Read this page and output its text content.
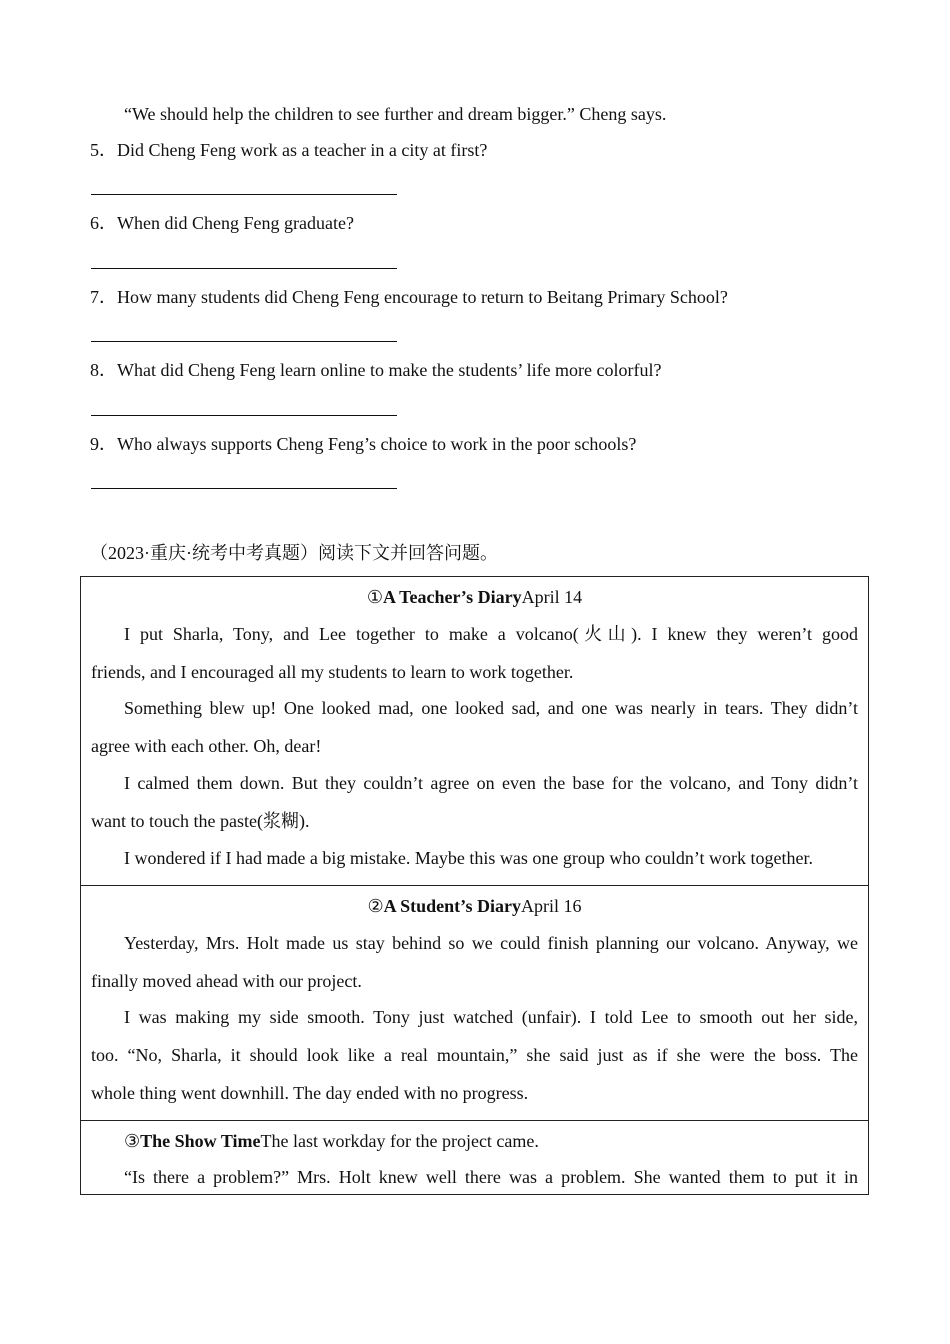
“We should help the children to see further and dream bigger.” Cheng says.
5．Did Cheng Feng work as a teacher in a city at first?
6．When did Cheng Feng graduate?
7．How many students did Cheng Feng encourage to return to Beitang Primary School?
8．What did Cheng Feng learn online to make the students’ life more colorful?
9．Who always supports Cheng Feng’s choice to work in the poor schools?
（2023·重庆·统考中考真题）阅读下文并回答问题。
①A Teacher’s DiaryApril 14
I put Sharla, Tony, and Lee together to make a volcano(火山). I knew they weren’t good
friends, and I encouraged all my students to learn to work together.
Something blew up! One looked mad, one looked sad, and one was nearly in tears. They didn’t
agree with each other. Oh, dear!
I calmed them down. But they couldn’t agree on even the base for the volcano, and Tony didn’t
want to touch the paste(浆糊).
I wondered if I had made a big mistake. Maybe this was one group who couldn’t work together.
②A Student’s DiaryApril 16
Yesterday, Mrs. Holt made us stay behind so we could finish planning our volcano. Anyway, we
finally moved ahead with our project.
I was making my side smooth. Tony just watched (unfair). I told Lee to smooth out her side,
too. “No, Sharla, it should look like a real mountain,” she said just as if she were the boss. The
whole thing went downhill. The day ended with no progress.
③The Show TimeThe last workday for the project came.
“Is there a problem?” Mrs. Holt knew well there was a problem. She wanted them to put it in
